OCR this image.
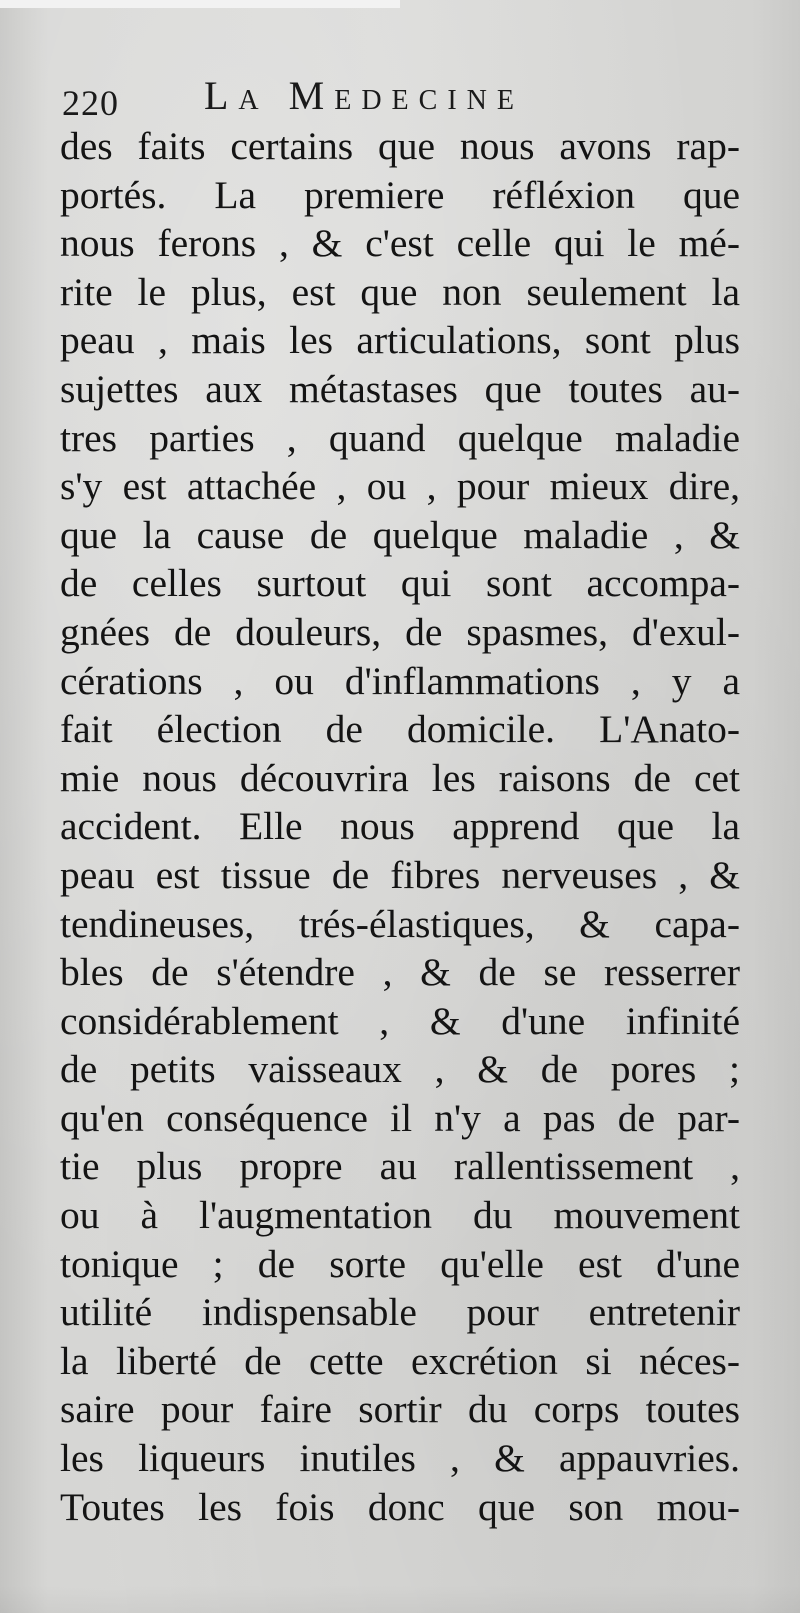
220 La Medecine
des faits certains que nous avons rap-
portés. La premiere réfléxion que
nous ferons , & c'est celle qui le mé-
rite le plus, est que non seulement la
peau , mais les articulations, sont plus
sujettes aux métastases que toutes au-
tres parties , quand quelque maladie
s'y est attachée , ou , pour mieux dire,
que la cause de quelque maladie , &
de celles surtout qui sont accompa-
gnées de douleurs, de spasmes, d'exul-
cérations , ou d'inflammations , y a
fait élection de domicile. L'Anato-
mie nous découvrira les raisons de cet
accident. Elle nous apprend que la
peau est tissue de fibres nerveuses , &
tendineuses, trés-élastiques, & capa-
bles de s'étendre , & de se resserrer
considérablement , & d'une infinité
de petits vaisseaux , & de pores ;
qu'en conséquence il n'y a pas de par-
tie plus propre au rallentissement ,
ou à l'augmentation du mouvement
tonique ; de sorte qu'elle est d'une
utilité indispensable pour entretenir
la liberté de cette excrétion si néces-
saire pour faire sortir du corps toutes
les liqueurs inutiles , & appauvries.
Toutes les fois donc que son mou-
